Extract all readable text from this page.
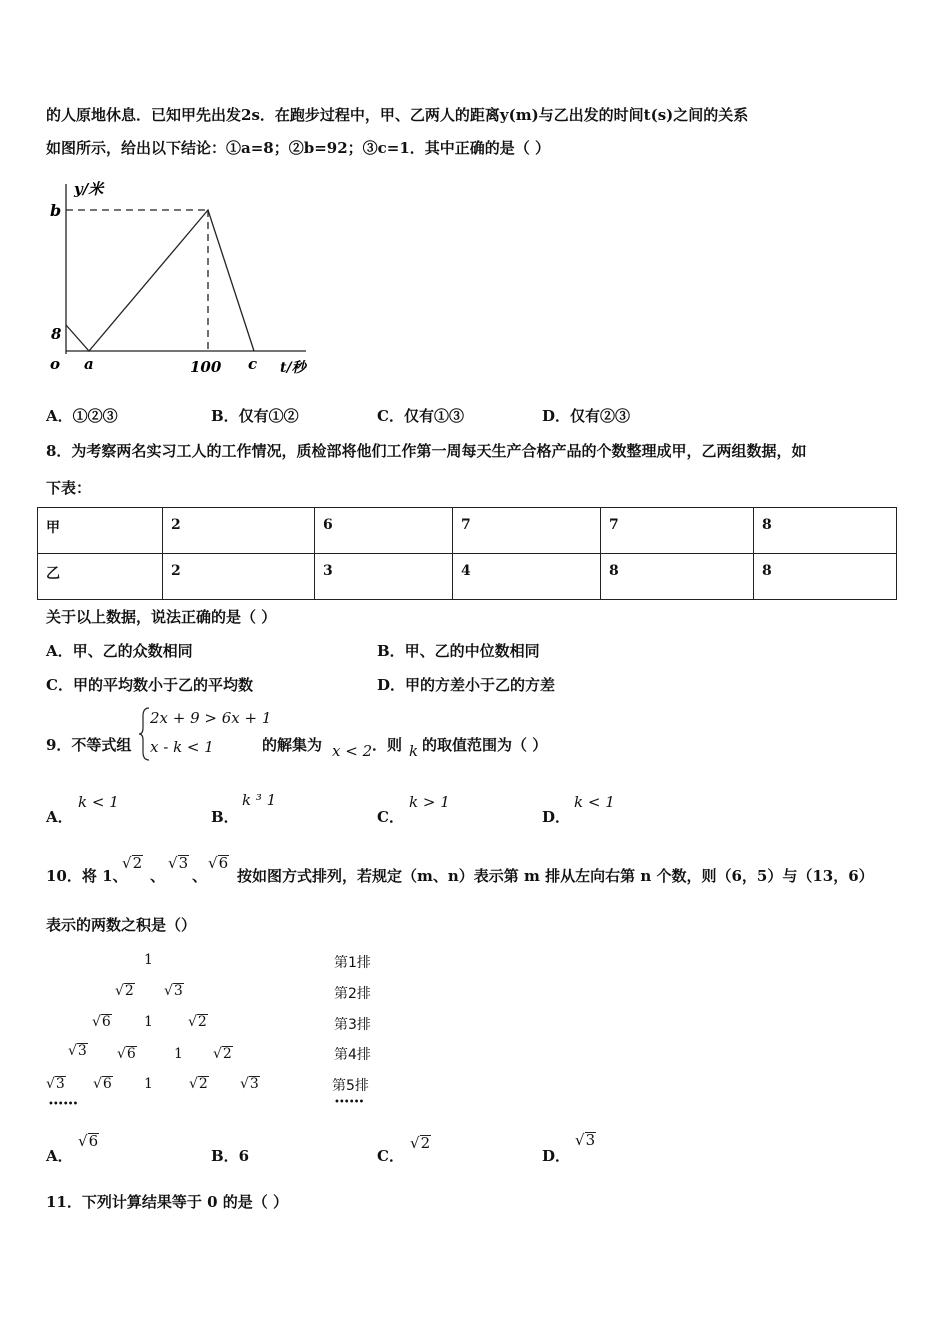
的人原地休息．已知甲先出发2s．在跑步过程中，甲、乙两人的距离y(m)与乙出发的时间t(s)之间的关系
如图所示，给出以下结论：①a=8；②b=92；③c=1．其中正确的是（ ）
y/米
b
8
o a	100 c t/秒
A．①②③	B．仅有①②	C．仅有①③	D．仅有②③
8．为考察两名实习工人的工作情况，质检部将他们工作第一周每天生产合格产品的个数整理成甲，乙两组数据，如
下表：
甲	2	6	7	7	8
乙	2	3	4	8	8
关于以上数据，说法正确的是（ ）
A．甲、乙的众数相同	B．甲、乙的中位数相同
C．甲的平均数小于乙的平均数	D．甲的方差小于乙的方差
9．不等式组
2x + 9 > 6x + 1
x - k < 1	的解集为 x < 2 ．则 k 的取值范围为（ ）
A．
k < 1
B．
k ³ 1
C．
k > 1
D．
k < 1
10．将 1、
√2
、
√3
、
√6
按如图方式排列，若规定（m、n）表示第 m 排从左向右第 n 个数，则（6，5）与（13，6）
表示的两数之积是（）
1
√2 √3
√6 1	√2
√3 √6	1 √2
√3 √6 1	√2 √3
••••••
第1排
第2排
第3排
第4排
第5排
••••••
A．
√6
B．6	C．
√2
D．
√3
11．下列计算结果等于 0 的是（ ）
